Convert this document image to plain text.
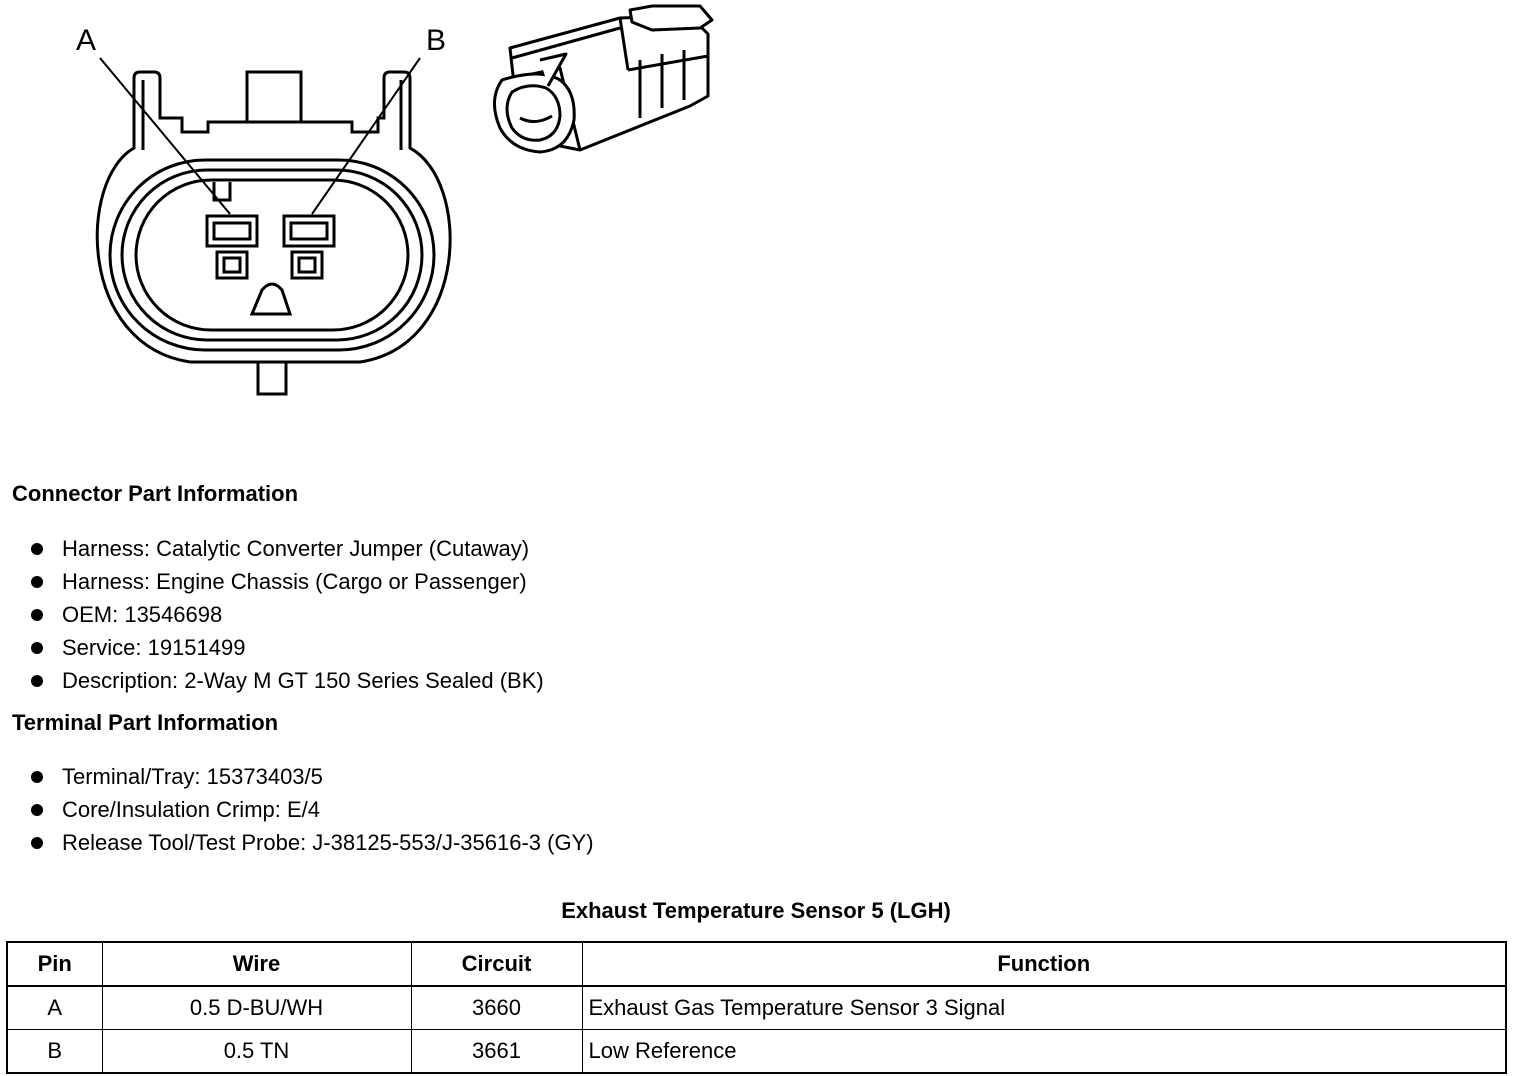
A	B
Connector Part Information
Harness: Catalytic Converter Jumper (Cutaway)
Harness: Engine Chassis (Cargo or Passenger)
OEM: 13546698
Service: 19151499
Description: 2-Way M GT 150 Series Sealed (BK)
Terminal Part Information
Terminal/Tray: 15373403/5
Core/Insulation Crimp: E/4
Release Tool/Test Probe: J-38125-553/J-35616-3 (GY)

Exhaust Temperature Sensor 5 (LGH)

Pin	Wire	Circuit	Function
A	0.5 D-BU/WH	3660	Exhaust Gas Temperature Sensor 3 Signal
B	0.5 TN	3661	Low Reference
